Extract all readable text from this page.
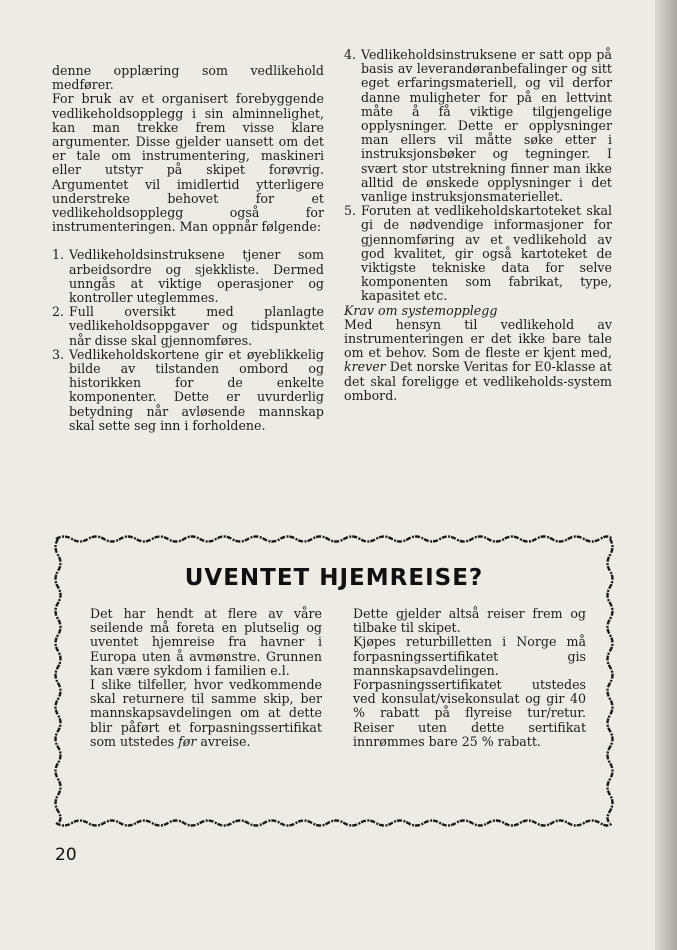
denne opplæring som vedlikehold medfører.

For bruk av et organisert forebyggende vedlikeholdsopplegg i sin alminnelighet, kan man trekke frem visse klare argumenter. Disse gjelder uansett om det er tale om instrumentering, maskineri eller utstyr på skipet forøvrig. Argumentet vil imidlertid ytterligere understreke behovet for et vedlikeholdsopplegg også for instrumenteringen. Man oppnår følgende:

1. Vedlikeholdsinstruksene tjener som arbeidsordre og sjekkliste. Dermed unngås at viktige operasjoner og kontroller uteglemmes.
2. Full oversikt med planlagte vedlikeholdsoppgaver og tidspunktet når disse skal gjennomføres.
3. Vedlikeholdskortene gir et øyeblikkelig bilde av tilstanden ombord og historikken for de enkelte komponenter. Dette er uvurderlig betydning når avløsende mannskap skal sette seg inn i forholdene.
4. Vedlikeholdsinstruksene er satt opp på basis av leverandøranbefalinger og sitt eget erfaringsmateriell, og vil derfor danne muligheter for på en lettvint måte å få viktige tilgjengelige opplysninger. Dette er opplysninger man ellers vil måtte søke etter i instruksjonsbøker og tegninger. I svært stor utstrekning finner man ikke alltid de ønskede opplysninger i det vanlige instruksjonsmateriellet.
5. Foruten at vedlikeholdskartoteket skal gi de nødvendige informasjoner for gjennomføring av et vedlikehold av god kvalitet, gir også kartoteket de viktigste tekniske data for selve komponenten som fabrikat, type, kapasitet etc.

Krav om systemopplegg

Med hensyn til vedlikehold av instrumenteringen er det ikke bare tale om et behov. Som de fleste er kjent med, krever Det norske Veritas for E0-klasse at det skal foreligge et vedlikeholds-system ombord.

UVENTET HJEMREISE?

Det har hendt at flere av våre seilende må foreta en plutselig og uventet hjemreise fra havner i Europa uten å avmønstre. Grunnen kan være sykdom i familien e.l.

I slike tilfeller, hvor vedkommende skal returnere til samme skip, ber mannskapsavdelingen om at dette blir påført et forpasningssertifikat som utstedes før avreise.

Dette gjelder altså reiser frem og tilbake til skipet.

Kjøpes returbilletten i Norge må forpasningssertifikatet gis mannskapsavdelingen. Forpasningssertifikatet utstedes ved konsulat/visekonsulat og gir 40 % rabatt på flyreise tur/retur. Reiser uten dette sertifikat innrømmes bare 25 % rabatt.

20
